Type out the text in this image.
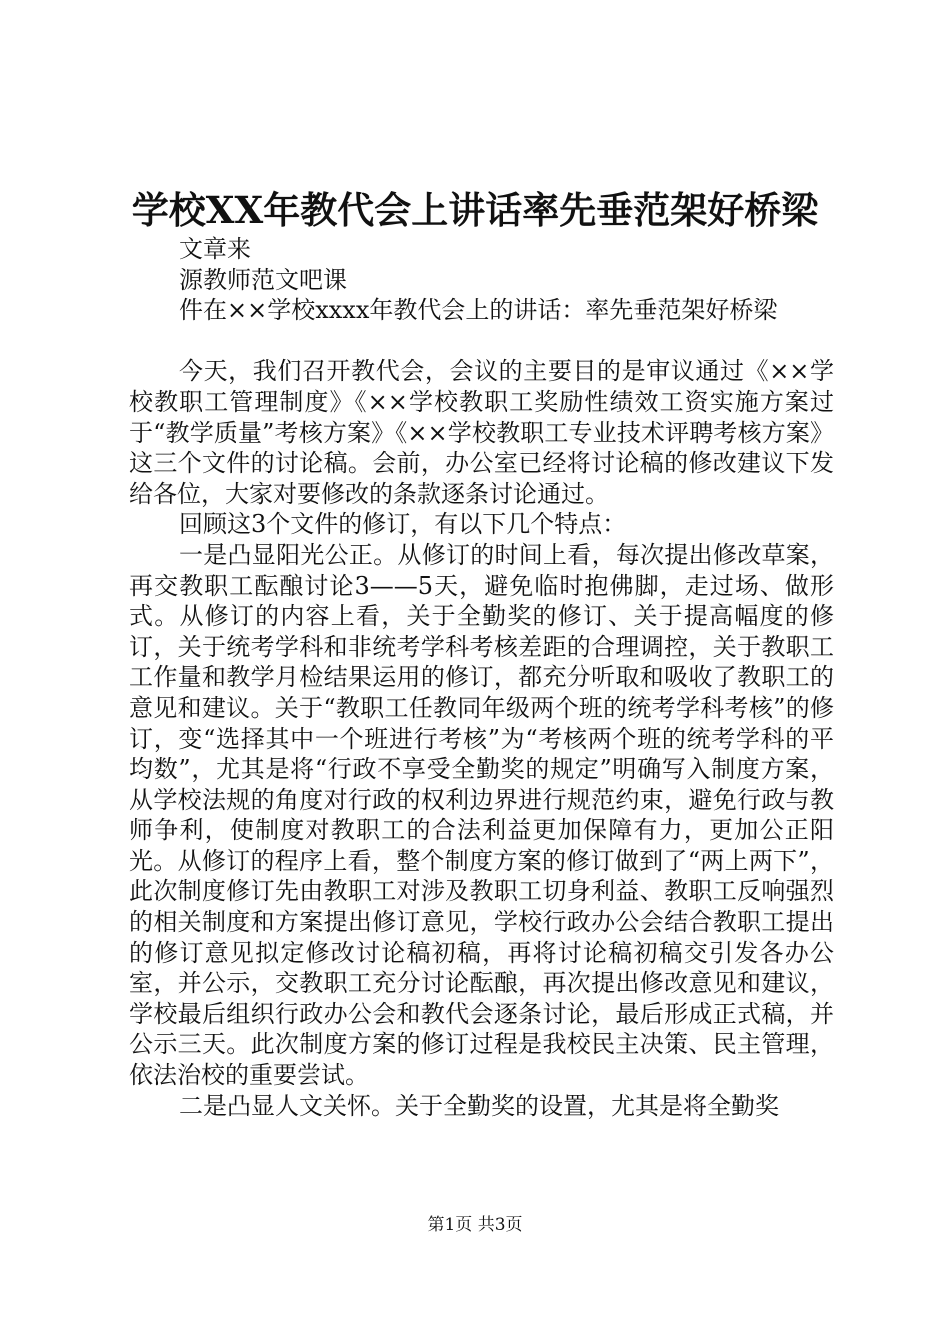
学校XX年教代会上讲话率先垂范架好桥梁

文章来

源教师范文吧课

件在××学校xxxx年教代会上的讲话：率先垂范架好桥梁

今天，我们召开教代会，会议的主要目的是审议通过《××学校教职工管理制度》《××学校教职工奖励性绩效工资实施方案过于“教学质量”考核方案》《××学校教职工专业技术评聘考核方案》这三个文件的讨论稿。会前，办公室已经将讨论稿的修改建议下发给各位，大家对要修改的条款逐条讨论通过。

回顾这3个文件的修订，有以下几个特点：

一是凸显阳光公正。从修订的时间上看，每次提出修改草案，再交教职工酝酿讨论3——5天，避免临时抱佛脚，走过场、做形式。从修订的内容上看，关于全勤奖的修订、关于提高幅度的修订，关于统考学科和非统考学科考核差距的合理调控，关于教职工工作量和教学月检结果运用的修订，都充分听取和吸收了教职工的意见和建议。关于“教职工任教同年级两个班的统考学科考核”的修订，变“选择其中一个班进行考核”为“考核两个班的统考学科的平均数”，尤其是将“行政不享受全勤奖的规定”明确写入制度方案，从学校法规的角度对行政的权利边界进行规范约束，避免行政与教师争利，使制度对教职工的合法利益更加保障有力，更加公正阳光。从修订的程序上看，整个制度方案的修订做到了“两上两下”，此次制度修订先由教职工对涉及教职工切身利益、教职工反响强烈的相关制度和方案提出修订意见，学校行政办公会结合教职工提出的修订意见拟定修改讨论稿初稿，再将讨论稿初稿交引发各办公室，并公示，交教职工充分讨论酝酿，再次提出修改意见和建议，学校最后组织行政办公会和教代会逐条讨论，最后形成正式稿，并公示三天。此次制度方案的修订过程是我校民主决策、民主管理，依法治校的重要尝试。

二是凸显人文关怀。关于全勤奖的设置，尤其是将全勤奖

第1页 共3页
